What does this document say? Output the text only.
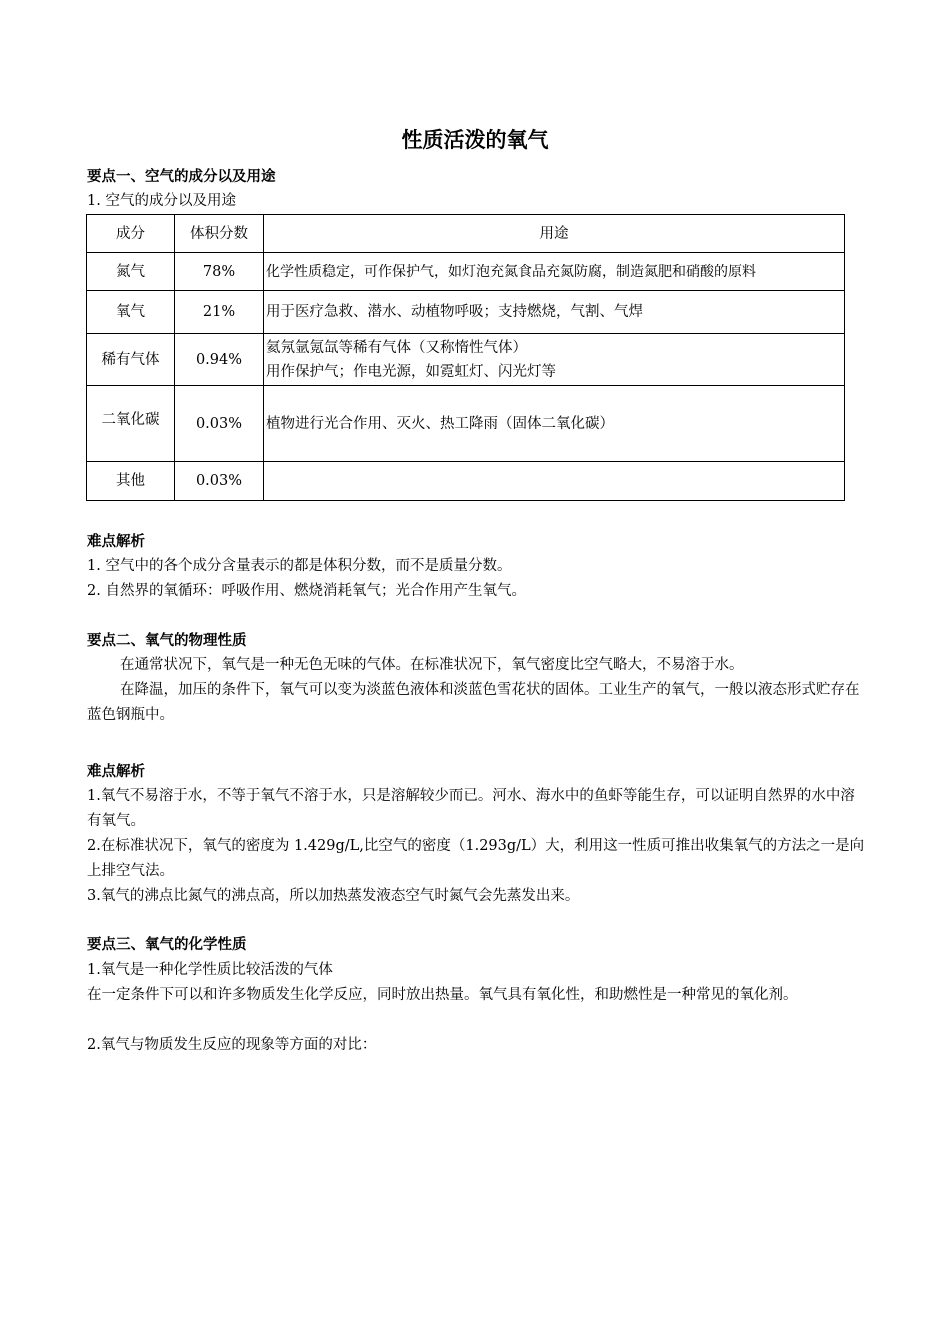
性质活泼的氧气
要点一、空气的成分以及用途
1. 空气的成分以及用途
成分	体积分数	用途
氮气	78%	化学性质稳定，可作保护气，如灯泡充氮食品充氮防腐，制造氮肥和硝酸的原料
氧气	21%	用于医疗急救、潜水、动植物呼吸；支持燃烧，气割、气焊
稀有气体	0.94%	氦氖氩氪氙等稀有气体（又称惰性气体）
用作保护气；作电光源，如霓虹灯、闪光灯等

二氧化碳	0.03%	植物进行光合作用、灭火、热工降雨（固体二氧化碳）
其他	0.03%	
难点解析
1. 空气中的各个成分含量表示的都是体积分数，而不是质量分数。
2. 自然界的氧循环：呼吸作用、燃烧消耗氧气；光合作用产生氧气。
要点二、氧气的物理性质
在通常状况下，氧气是一种无色无味的气体。在标准状况下，氧气密度比空气略大，不易溶于水。
在降温，加压的条件下，氧气可以变为淡蓝色液体和淡蓝色雪花状的固体。工业生产的氧气，一般以液态形式贮存在蓝色钢瓶中。
难点解析
1.氧气不易溶于水，不等于氧气不溶于水，只是溶解较少而已。河水、海水中的鱼虾等能生存，可以证明自然界的水中溶有氧气。
2.在标准状况下，氧气的密度为 1.429g/L,比空气的密度（1.293g/L）大，利用这一性质可推出收集氧气的方法之一是向上排空气法。
3.氧气的沸点比氮气的沸点高，所以加热蒸发液态空气时氮气会先蒸发出来。
要点三、氧气的化学性质
1.氧气是一种化学性质比较活泼的气体
在一定条件下可以和许多物质发生化学反应，同时放出热量。氧气具有氧化性，和助燃性是一种常见的氧化剂。
2.氧气与物质发生反应的现象等方面的对比：
